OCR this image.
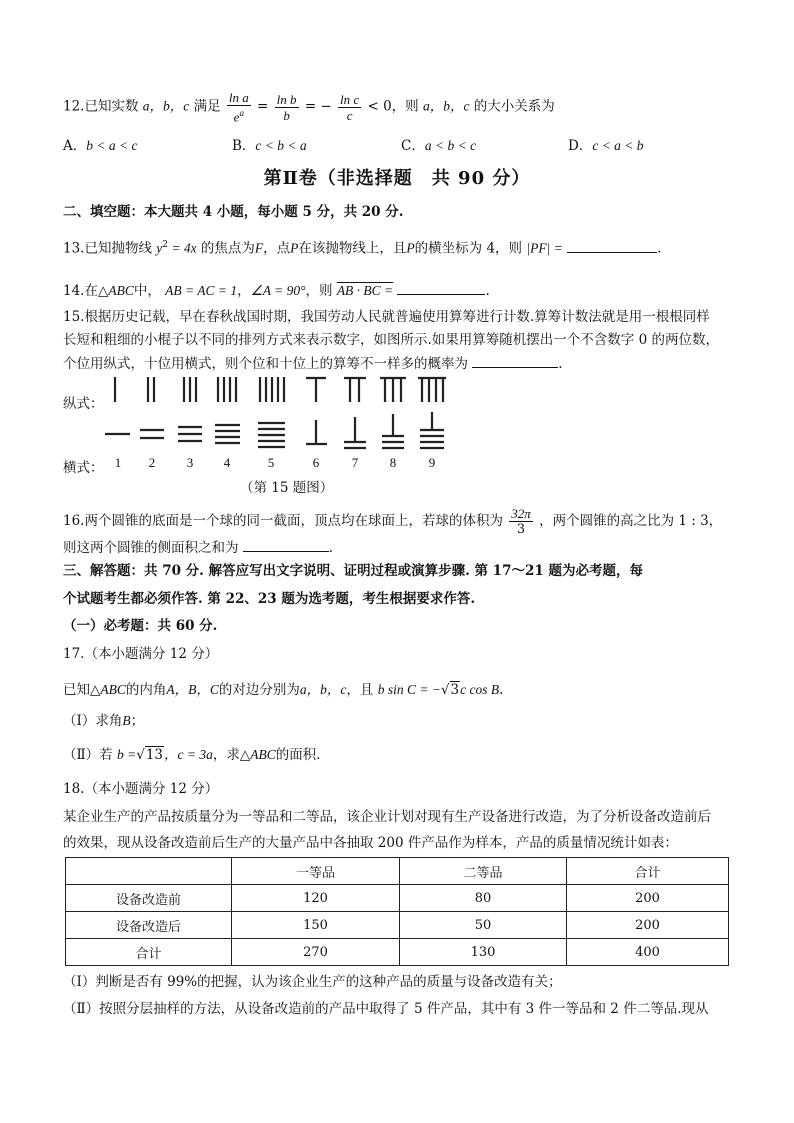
12.已知实数 a，b，c 满足 $\frac{\text{ln a}}{e^a} = \frac{\text{ln b}}{b}$ = − $\frac{\text{ln c}}{c} < 0$，则 a，b，c 的大小关系为
A．b < a < c	B．c < b < a	C．a < b < c	D．c < a < b
第Ⅱ卷（非选择题　共 90 分）
二、填空题：本大题共 4 小题，每小题 5 分，共 20 分.
13.已知抛物线 $y^2 = 4x$ 的焦点为F，点P在该抛物线上，且P的横坐标为 4，则 |PF| =	.
14.在△ABC中， AB = AC = 1，∠A = 90°，则 AB · BC =	.
15.根据历史记载，早在春秋战国时期，我国劳动人民就普遍使用算筹进行计数.算筹计数法就是用一根根同样
长短和粗细的小棍子以不同的排列方式来表示数字，如图所示.如果用算筹随机摆出一个不含数字 0 的两位数，
个位用纵式，十位用横式，则个位和十位上的算筹不一样多的概率为	.
纵式：
横式： 1 2 3 4	5	6	7 8	9
（第 15 题图）
16.两个圆锥的底面是一个球的同一截面，顶点均在球面上，若球的体积为 $\frac{32\pi}{3}$ ，两个圆锥的高之比为 1 : 3，
则这两个圆锥的侧面积之和为	.
三、解答题：共 70 分. 解答应写出文字说明、证明过程或演算步骤. 第 17～21 题为必考题，每
个试题考生都必须作答. 第 22、23 题为选考题，考生根据要求作答.
（一）必考题：共 60 分.
17.（本小题满分 12 分）
已知△ABC的内角A，B，C的对边分别为a，b，c，且 b sin C = −√3c cos B.
（Ⅰ）求角B；
（Ⅱ）若 b =√13，c = 3a，求△ABC的面积.
18.（本小题满分 12 分）
某企业生产的产品按质量分为一等品和二等品，该企业计划对现有生产设备进行改造，为了分析设备改造前后
的效果，现从设备改造前后生产的大量产品中各抽取 200 件产品作为样本，产品的质量情况统计如表：
	一等品	二等品	合计
设备改造前	120	80	200
设备改造后	150	50	200
合计	270	130	400
（Ⅰ）判断是否有 99%的把握，认为该企业生产的这种产品的质量与设备改造有关；
（Ⅱ）按照分层抽样的方法，从设备改造前的产品中取得了 5 件产品，其中有 3 件一等品和 2 件二等品.现从
